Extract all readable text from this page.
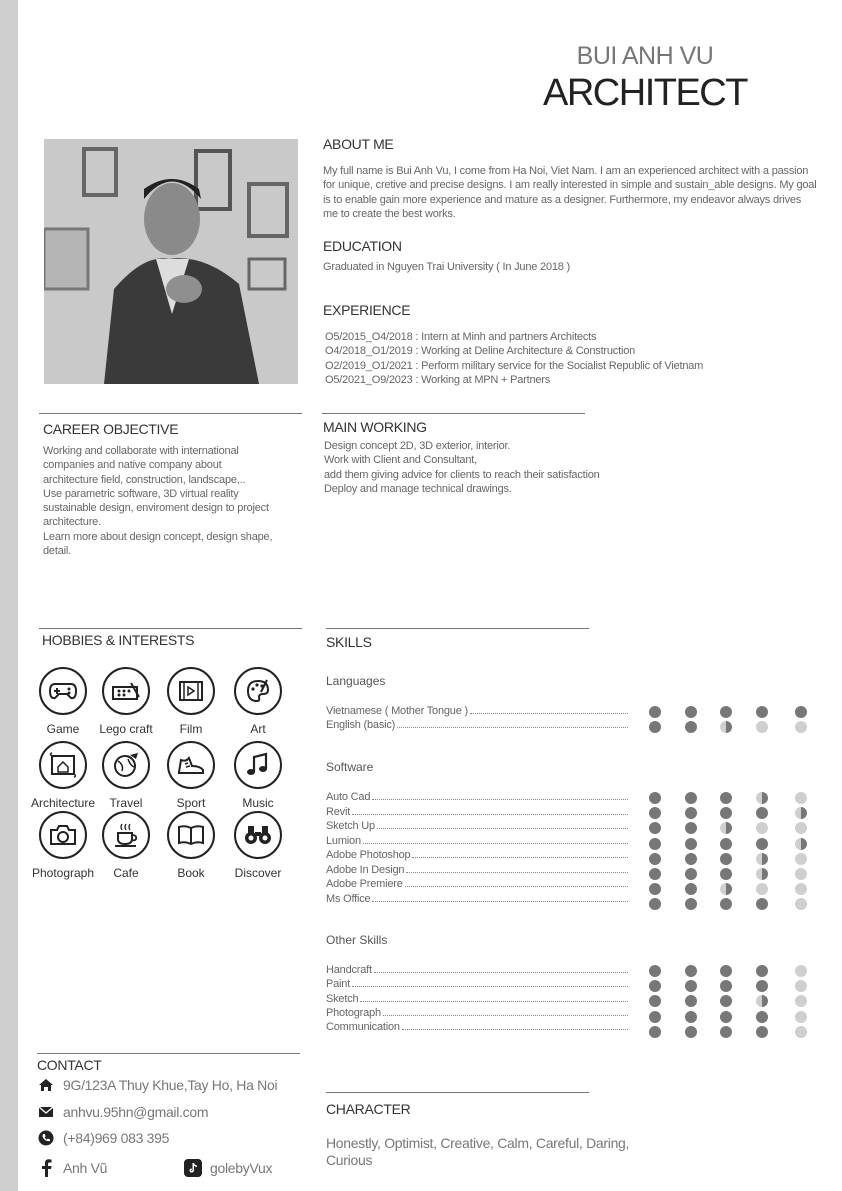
BUI ANH VU
ARCHITECT
ABOUT ME
My full name is Bui Anh Vu, I come from Ha Noi, Viet Nam. I am an experienced architect with a passion for unique, cretive and precise designs. I am really interested in simple and sustain_able designs. My goal is to enable gain more experience and mature as a designer. Furthermore, my endeavor always drives me to create the best works.
EDUCATION
Graduated in Nguyen Trai University ( In June 2018 )
EXPERIENCE
O5/2015_O4/2018 : Intern at Minh and partners Architects
O4/2018_O1/2019 : Working at Deline Architecture & Construction
O2/2019_O1/2021 : Perform military service for the Socialist Republic of Vietnam
O5/2021_O9/2023 : Working at MPN + Partners
CAREER OBJECTIVE
Working and collaborate with international
companies and native company about
architecture field, construction, landscape,..
Use parametric software, 3D virtual reality
sustainable design, enviroment design to project
architecture.
Learn more about design concept, design shape,
detail.
MAIN WORKING
Design concept 2D, 3D exterior, interior.
Work with Client and Consultant,
add them giving advice for clients to reach their satisfaction
Deploy and manage technical drawings.
HOBBIES & INTERESTS
Game	Lego craft	Film	Art
Architecture	Travel	Sport	Music
Photograph	Cafe	Book	Discover
SKILLS
Languages
Software
Other Skills
Vietnamese ( Mother Tongue )
English (basic)
Auto Cad
Revit
Sketch Up
Lumion
Adobe Photoshop
Adobe In Design
Adobe Premiere
Ms Office
Handcraft
Paint
Sketch
Photograph
Communication
CONTACT
9G/123A Thuy Khue,Tay Ho, Ha Noi
anhvu.95hn@gmail.com
(+84)969 083 395
Anh Vũ	golebyVux
CHARACTER
Honestly, Optimist, Creative, Calm, Careful, Daring, Curious
